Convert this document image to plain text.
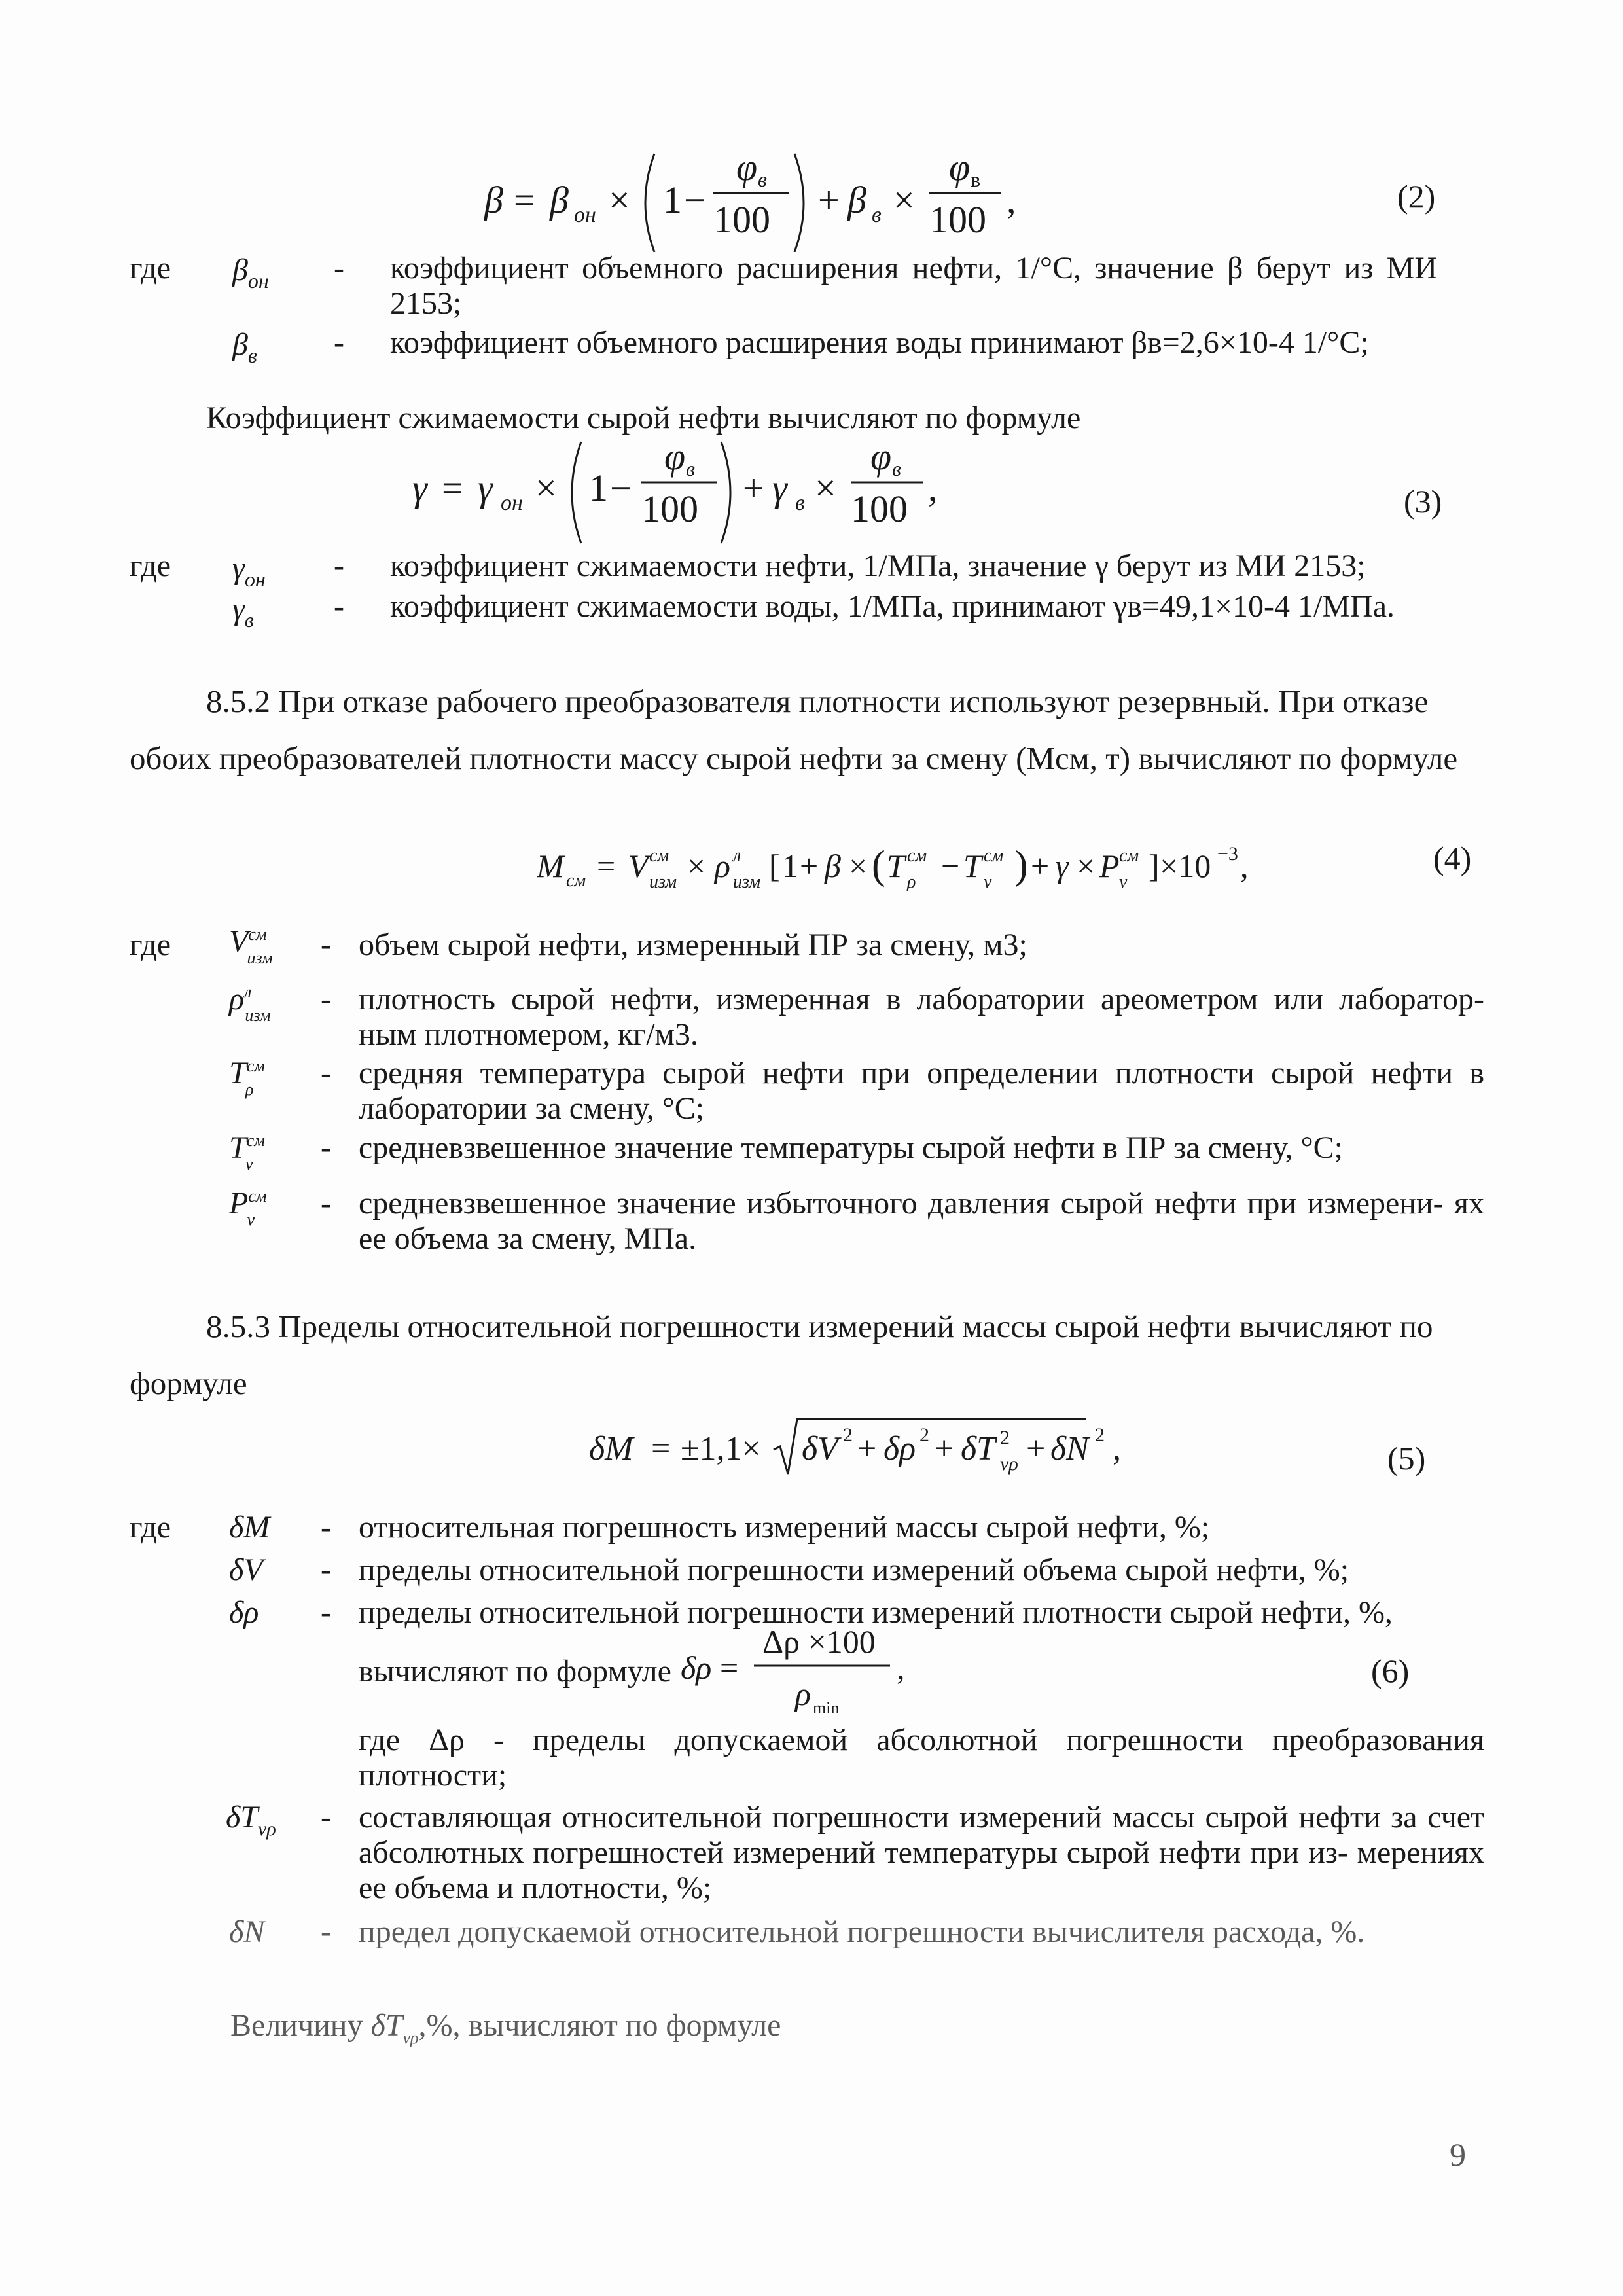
β = β он × 1 −
φ в
100 + β в ×
φ в
100 ,	(2)
где $\beta_{он}$ - коэффициент объемного расширения нефти, 1/°С, значение β берут из МИ 2153;
$\beta_в$ - коэффициент объемного расширения воды принимают βв=2,6×10-4 1/°С;
Коэффициент сжимаемости сырой нефти вычисляют по формуле
γ = γ он × 1 −
φ в
100 + γ в ×
φ в
100 ,	(3)
где $\gamma_{он}$ - коэффициент сжимаемости нефти, 1/МПа, значение γ берут из МИ 2153;
$\gamma_в$	- коэффициент сжимаемости воды, 1/МПа, принимают γв=49,1×10-4 1/МПа.
8.5.2 При отказе рабочего преобразователя плотности используют резервный. При отказе
обоих преобразователей плотности массу сырой нефти за смену (Мсм, т) вычисляют по формуле
M см = V см
изм × ρ л
изм [ 1 + β × ( T см
ρ − T см
v ) + γ × P см
v ] ×10 −3 ,	(4)
где $V^{см}_{изм}$	- объем сырой нефти, измеренный ПР за смену, м3;
$\rho^л_{изм}$ - плотность сырой нефти, измеренная в лаборатории ареометром или лаборатор- ным плотномером, кг/м3.
$T^{см}_\rho$	- средняя температура сырой нефти при определении плотности сырой нефти в лаборатории за смену, °С;
$T^{см}_v$	- средневзвешенное значение температуры сырой нефти в ПР за смену, °С;
$P^{см}_v$	- средневзвешенное значение избыточного давления сырой нефти при измерени- ях ее объема за смену, МПа.
8.5.3 Пределы относительной погрешности измерений массы сырой нефти вычисляют по
формуле
δM = ±1,1× δV 2 + δρ 2 + δT 2
vρ + δN 2 ,	(5)
где δМ - относительная погрешность измерений массы сырой нефти, %;
δV - пределы относительной погрешности измерений объема сырой нефти, %;
δρ - пределы относительной погрешности измерений плотности сырой нефти, %,
вычисляют по формуле δρ =
Δρ ×100
ρ min
,	(6)
где Δρ - пределы допускаемой абсолютной погрешности преобразования плотности;
$\delta T_{v\rho}$ - составляющая относительной погрешности измерений массы сырой нефти за счет абсолютных погрешностей измерений температуры сырой нефти при из- мерениях ее объема и плотности, %;
δN - предел допускаемой относительной погрешности вычислителя расхода, %.
Величину $\delta T_{v\rho},\%$, вычисляют по формуле
9
